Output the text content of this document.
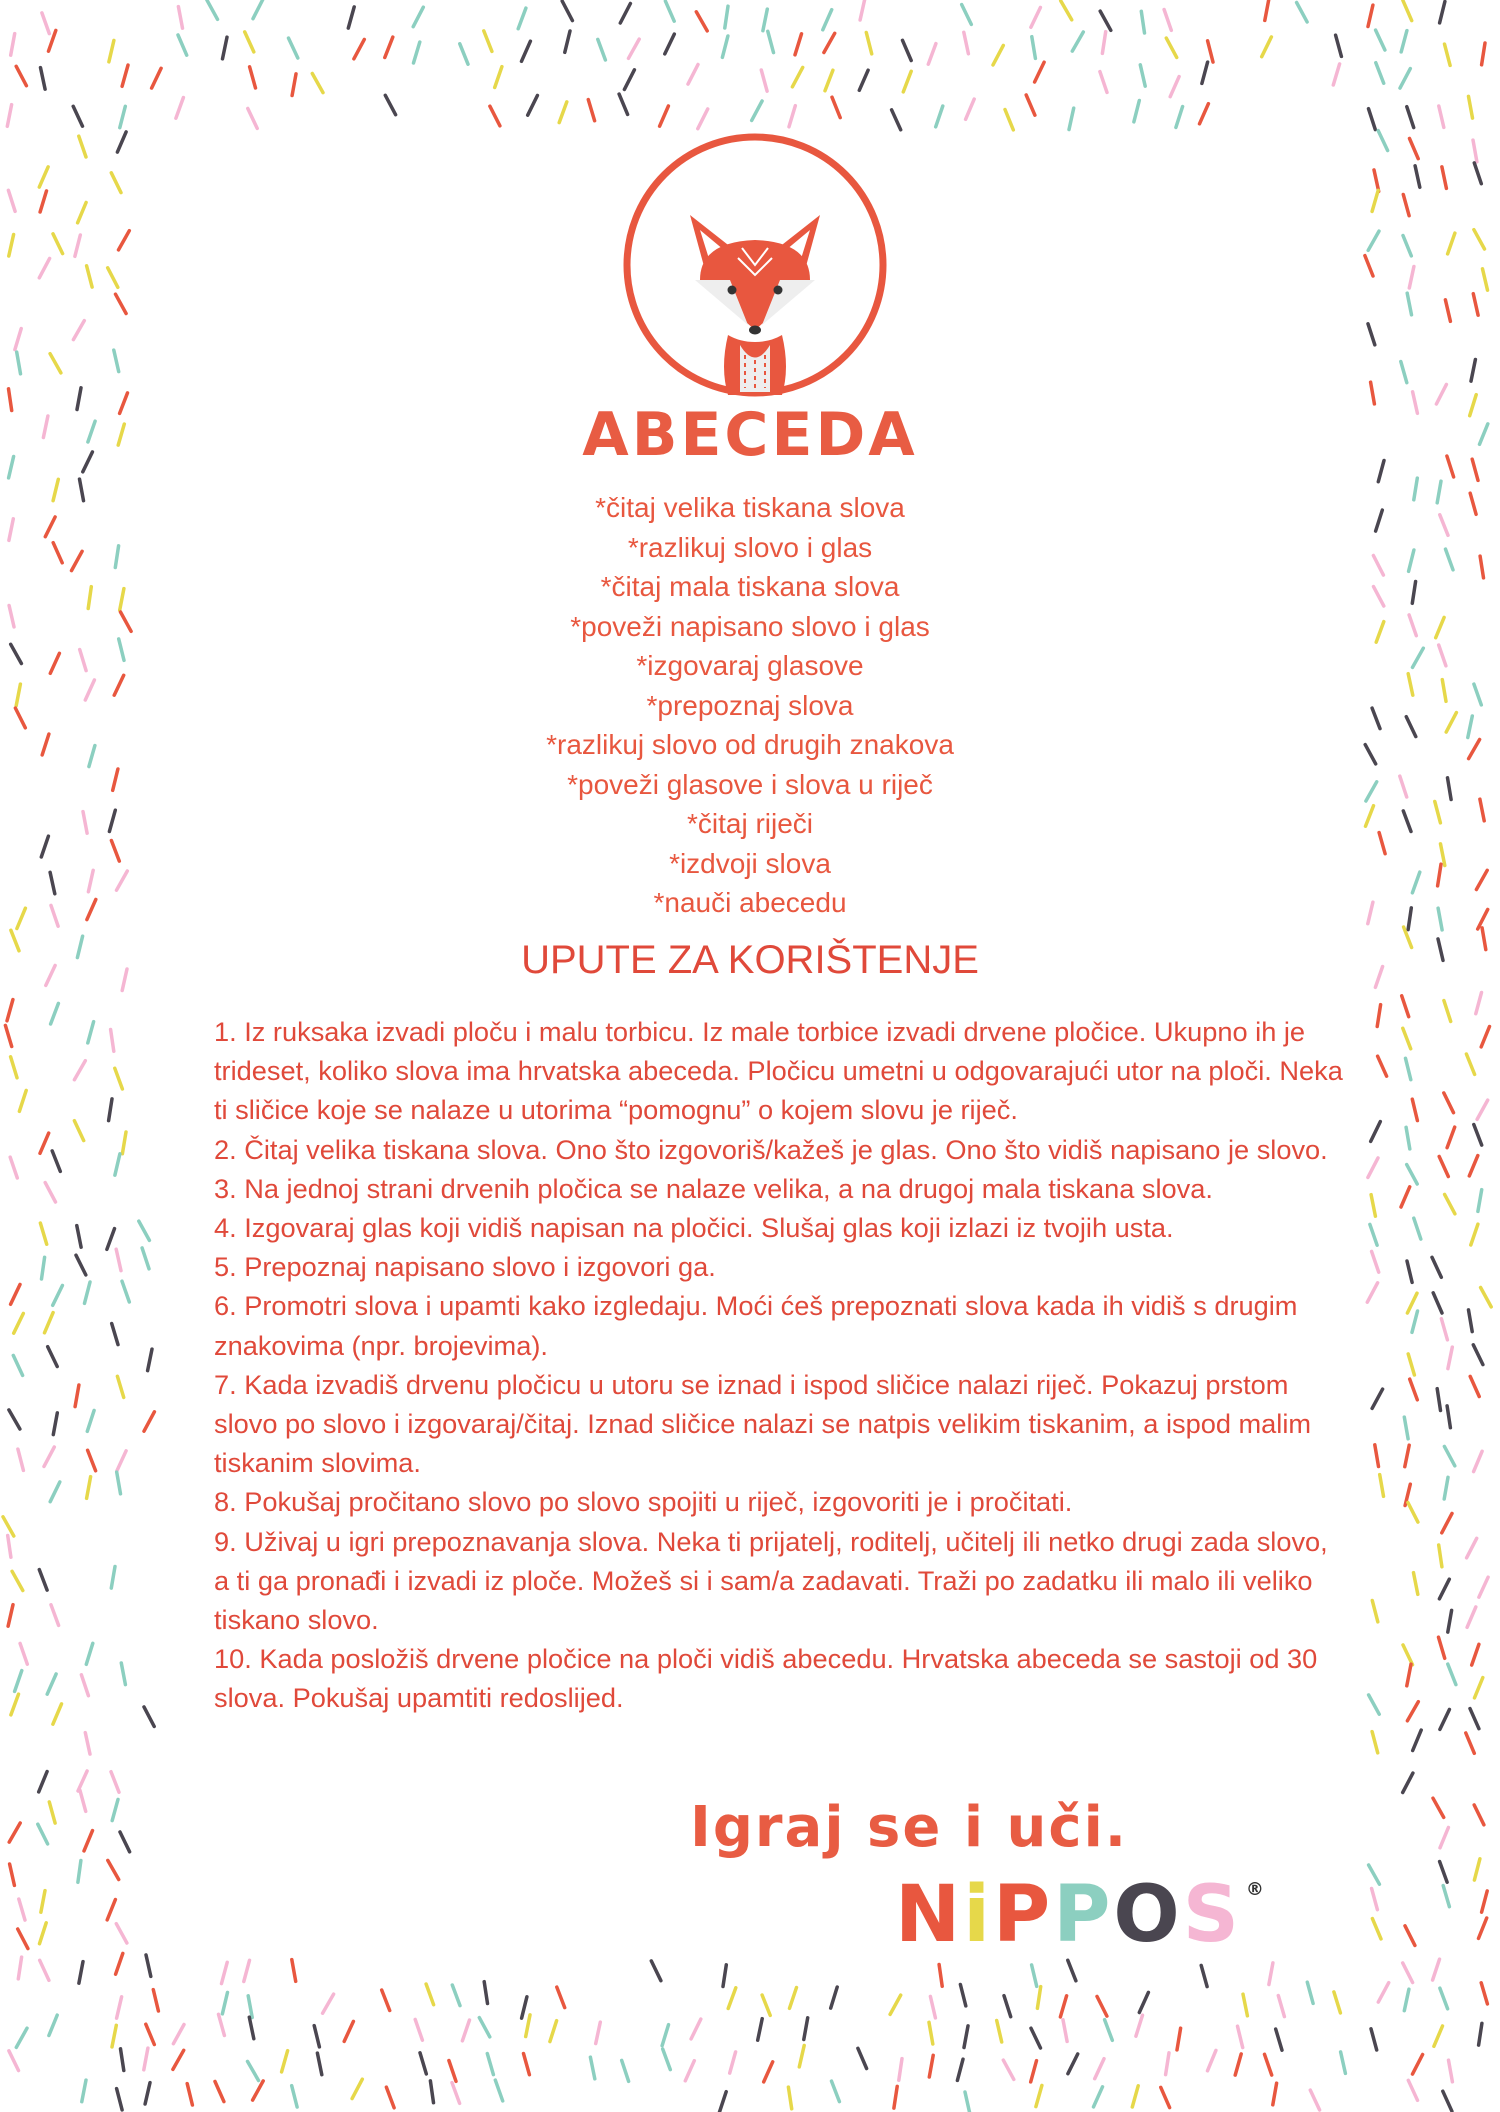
ABECEDA
*čitaj velika tiskana slova
*razlikuj slovo i glas
*čitaj mala tiskana slova
*poveži napisano slovo i glas
*izgovaraj glasove
*prepoznaj slova
*razlikuj slovo od drugih znakova
*poveži glasove i slova u riječ
*čitaj riječi
*izdvoji slova
*nauči abecedu
UPUTE ZA KORIŠTENJE
1. Iz ruksaka izvadi ploču i malu torbicu. Iz male torbice izvadi drvene pločice. Ukupno ih je trideset, koliko slova ima hrvatska abeceda. Pločicu umetni u odgovarajući utor na ploči. Neka ti sličice koje se nalaze u utorima “pomognu” o kojem slovu je riječ.
2. Čitaj velika tiskana slova. Ono što izgovoriš/kažeš je glas. Ono što vidiš napisano je slovo.
3. Na jednoj strani drvenih pločica se nalaze velika, a na drugoj mala tiskana slova.
4. Izgovaraj glas koji vidiš napisan na pločici. Slušaj glas koji izlazi iz tvojih usta.
5. Prepoznaj napisano slovo i izgovori ga.
6. Promotri slova i upamti kako izgledaju. Moći ćeš prepoznati slova kada ih vidiš s drugim znakovima (npr. brojevima).
7. Kada izvadiš drvenu pločicu u utoru se iznad i ispod sličice nalazi riječ. Pokazuj prstom slovo po slovo i izgovaraj/čitaj. Iznad sličice nalazi se natpis velikim tiskanim, a ispod malim tiskanim slovima.
8. Pokušaj pročitano slovo po slovo spojiti u riječ, izgovoriti je i pročitati.
9. Uživaj u igri prepoznavanja slova. Neka ti prijatelj, roditelj, učitelj ili netko drugi zada slovo, a ti ga pronađi i izvadi iz ploče. Možeš si i sam/a zadavati. Traži po zadatku ili malo ili veliko tiskano slovo.
10. Kada posložiš drvene pločice na ploči vidiš abecedu. Hrvatska abeceda se sastoji od 30 slova. Pokušaj upamtiti redoslijed.

Igraj se i uči.

NiPPOS ®
